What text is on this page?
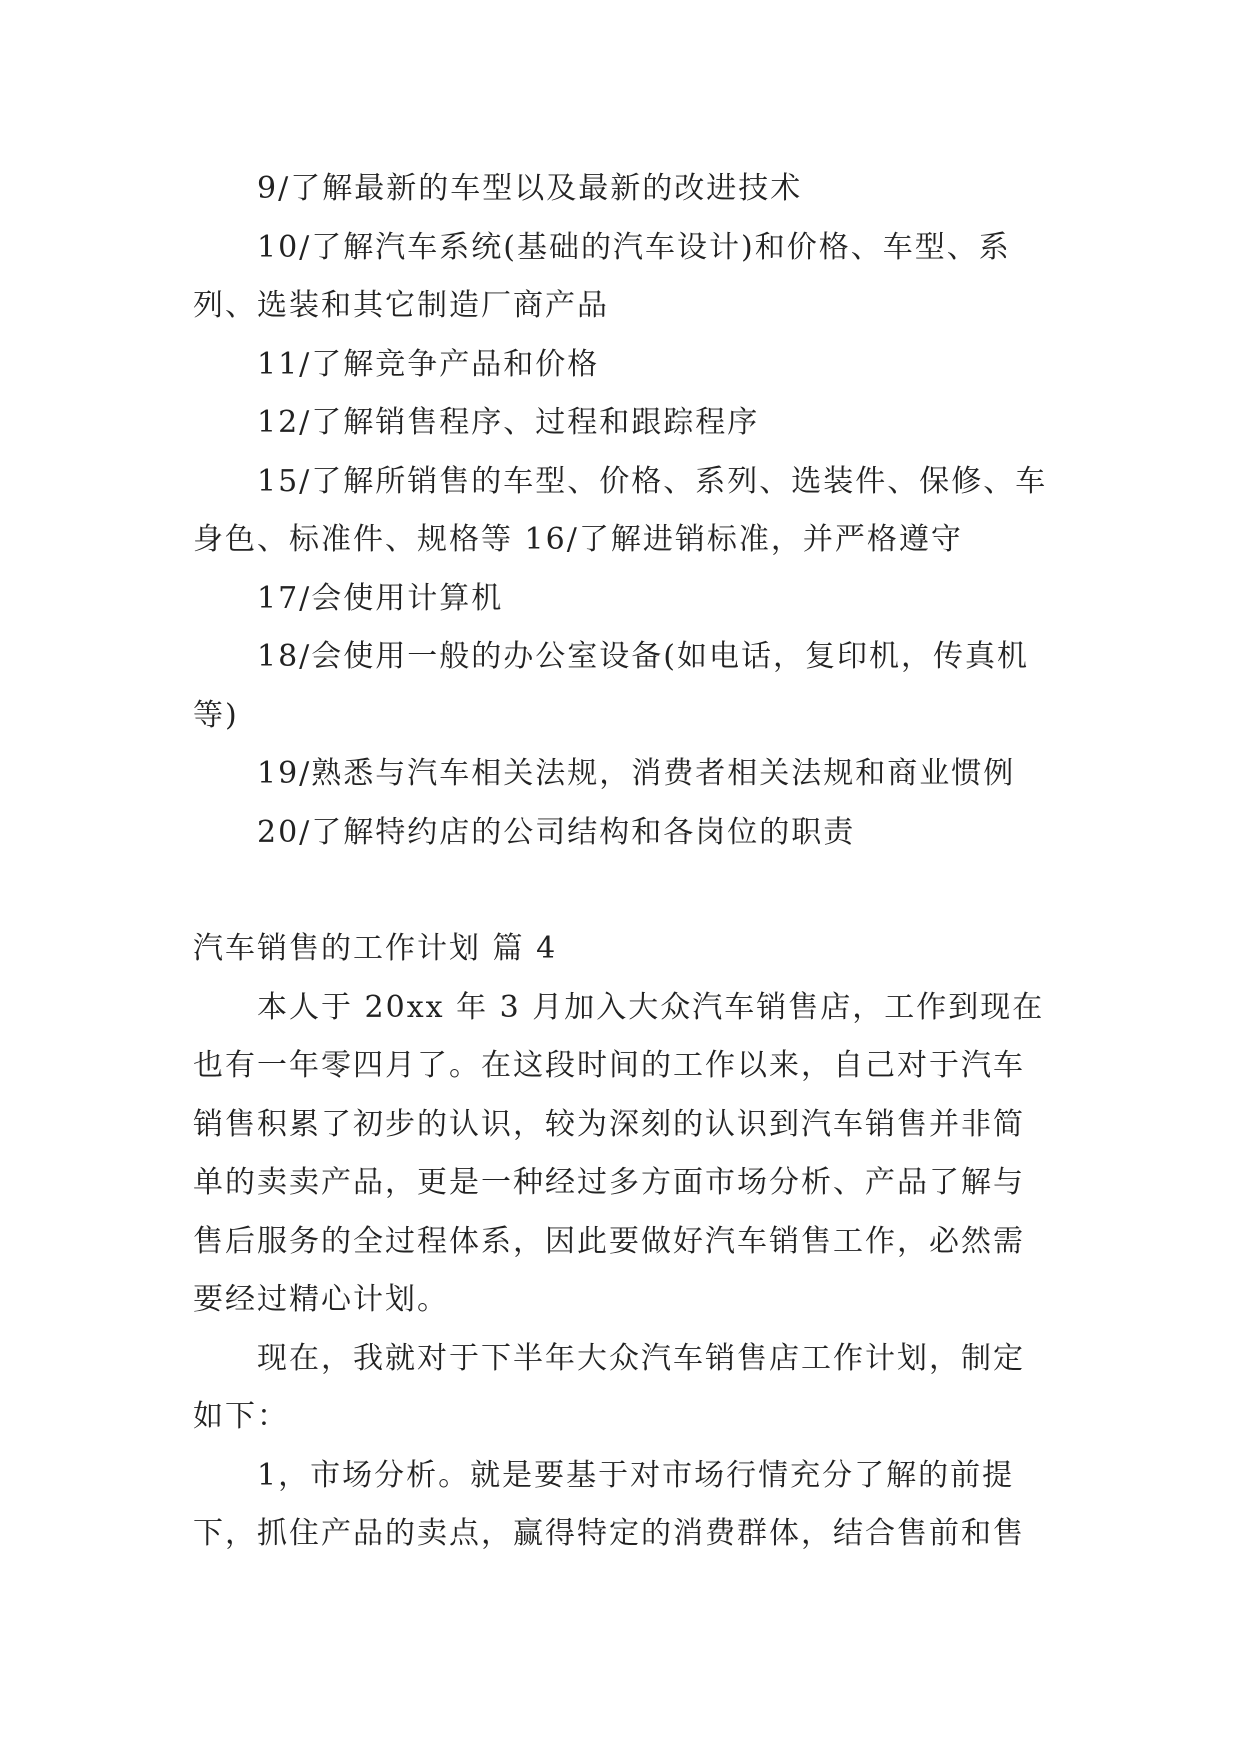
9/了解最新的车型以及最新的改进技术

10/了解汽车系统(基础的汽车设计)和价格、车型、系列、选装和其它制造厂商产品

11/了解竞争产品和价格

12/了解销售程序、过程和跟踪程序

15/了解所销售的车型、价格、系列、选装件、保修、车身色、标准件、规格等 16/了解进销标准，并严格遵守

17/会使用计算机

18/会使用一般的办公室设备(如电话，复印机，传真机等)

19/熟悉与汽车相关法规，消费者相关法规和商业惯例

20/了解特约店的公司结构和各岗位的职责

汽车销售的工作计划 篇 4

本人于 20xx 年 3 月加入大众汽车销售店，工作到现在也有一年零四月了。在这段时间的工作以来，自己对于汽车销售积累了初步的认识，较为深刻的认识到汽车销售并非简单的卖卖产品，更是一种经过多方面市场分析、产品了解与售后服务的全过程体系，因此要做好汽车销售工作，必然需要经过精心计划。

现在，我就对于下半年大众汽车销售店工作计划，制定如下：

1，市场分析。就是要基于对市场行情充分了解的前提下，抓住产品的卖点，赢得特定的消费群体，结合售前和售
